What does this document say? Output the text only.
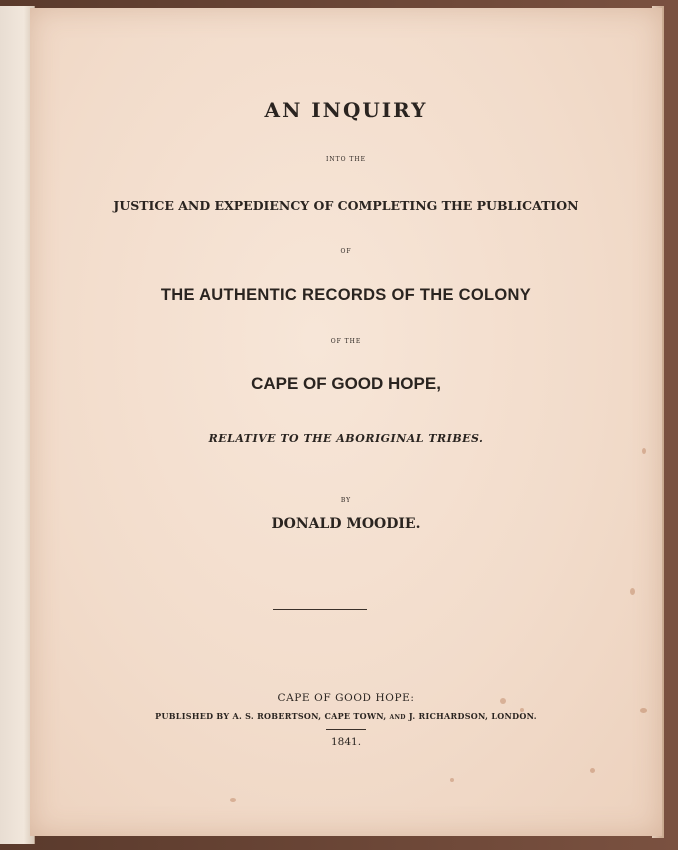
AN INQUIRY
INTO THE
JUSTICE AND EXPEDIENCY OF COMPLETING THE PUBLICATION
OF
THE AUTHENTIC RECORDS OF THE COLONY
OF THE
CAPE OF GOOD HOPE,
RELATIVE TO THE ABORIGINAL TRIBES.
BY
DONALD MOODIE.
CAPE OF GOOD HOPE:
PUBLISHED BY A. S. ROBERTSON, CAPE TOWN, AND J. RICHARDSON, LONDON.
1841.
